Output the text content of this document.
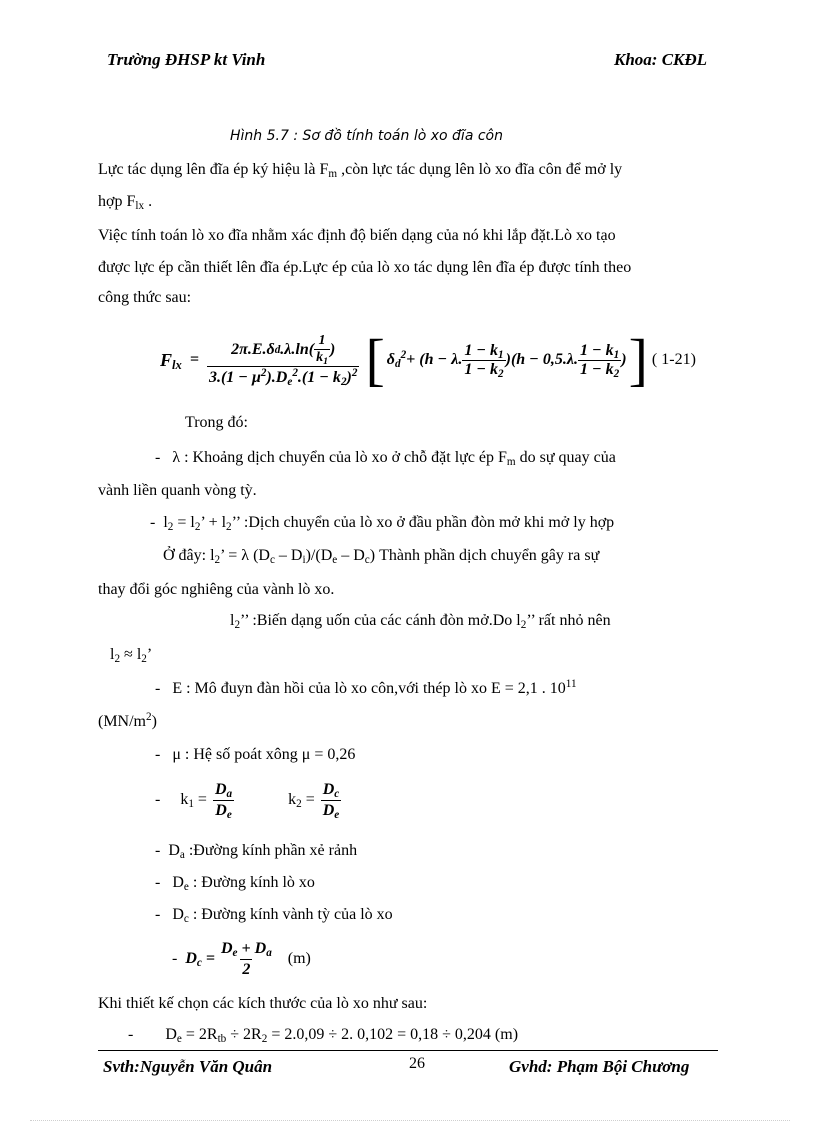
Trường ĐHSP kt Vinh	Khoa: CKĐL
Hình 5.7 : Sơ đồ tính toán lò xo đĩa côn
Lực tác dụng lên đĩa ép ký hiệu là $F_m$ ,còn lực tác dụng lên lò xo đĩa côn để mở ly
hợp $F_{lx}$ .
Việc tính toán lò xo đĩa nhằm xác định độ biến dạng của nó khi lắp đặt.Lò xo tạo
được lực ép cần thiết lên đĩa ép.Lực ép của lò xo tác dụng lên đĩa ép được tính theo
công thức sau:
$F_{lx} = \frac{2\pi.E.\delta d .\lambda.\ln( \frac{1}{k_1} )}{3.(1 - \mu^2).D_e^2.(1 - k_2)^2}$ [ $\delta_d^2 + (h - \lambda$. $\frac{1 - k_1}{1 - k_2} )(h - 0,5.\lambda$. $\frac{1 - k_1}{1 - k_2}$ ) ] ( 1-21)
Trong đó:
-   λ : Khoảng dịch chuyển của lò xo ở chỗ đặt lực ép $F_m$ do sự quay của
vành liền quanh vòng tỳ.
- $l_2 = l_2$’ + $l_2$’’ :Dịch chuyển của lò xo ở đầu phần đòn mở khi mở ly hợp
Ở đây: $l_2$’ = λ $(D_c - D_i)/(D_e - D_c)$ Thành phần dịch chuyển gây ra sự
thay đổi góc nghiêng của vành lò xo.
$l_2$’’ :Biến dạng uốn của các cánh đòn mở.Do $l_2$’’ rất nhỏ nên
$l_2 \approx l_2$’
-   E : Mô đuyn đàn hồi của lò xo côn,với thép lò xo E = 2,1 . $10^{11}$
$(MN/m^2)$
-   μ : Hệ số poát xông μ = 0,26
-
$k_1 = \frac{D_a}{D_e}$	$k_2 = \frac{D_c}{D_e}$
-  $D_a$ :Đường kính phần xẻ rảnh
-   $D_e$ : Đường kính lò xo
-   $D_c$ : Đường kính vành tỳ của lò xo
-
$D_c = \frac{D_e + D_a}{2} (m)$
Khi thiết kế chọn các kích thước của lò xo như sau:
- $D_e = 2R_{tb} \div 2R_2 = 2.0,09 \div 2$. 0,102 = 0,18 ÷ 0,204 (m)
Svth:Nguyễn Văn Quân	26	Gvhd: Phạm Bội Chương
